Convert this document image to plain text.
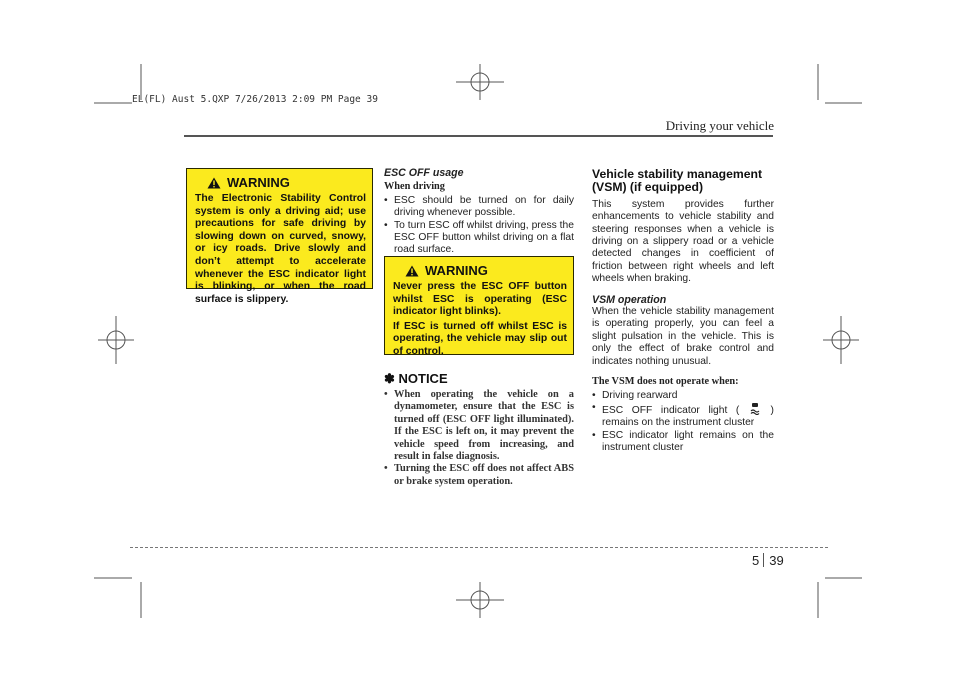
EL(FL) Aust 5.QXP 7/26/2013 2:09 PM Page 39
Driving your vehicle
WARNING
The Electronic Stability Control system is only a driving aid; use precautions for safe driving by slowing down on curved, snowy, or icy roads. Drive slowly and don’t attempt to accelerate whenever the ESC indicator light is blinking, or when the road surface is slippery.

ESC OFF usage

When driving

• ESC should be turned on for daily driving whenever possible.
• To turn ESC off whilst driving, press the ESC OFF button whilst driving on a flat road surface.
WARNING

Never press the ESC OFF button whilst ESC is operating (ESC indicator light blinks).

If ESC is turned off whilst ESC is operating, the vehicle may slip out of control.

✽ NOTICE
• When operating the vehicle on a dynamometer, ensure that the ESC is turned off (ESC OFF light illuminated). If the ESC is left on, it may prevent the vehicle speed from increasing, and result in false diagnosis.
• Turning the ESC off does not affect ABS or brake system operation.

Vehicle stability management (VSM) (if equipped)

This system provides further enhancements to vehicle stability and steering responses when a vehicle is driving on a slippery road or a vehicle detected changes in coefficient of friction between right wheels and left wheels when braking.

VSM operation

When the vehicle stability management is operating properly, you can feel a slight pulsation in the vehicle. This is only the effect of brake control and indicates nothing unusual.

The VSM does not operate when:

• Driving rearward
• ESC OFF indicator light (	) remains on the instrument cluster
• ESC indicator light remains on the instrument cluster
5 39
